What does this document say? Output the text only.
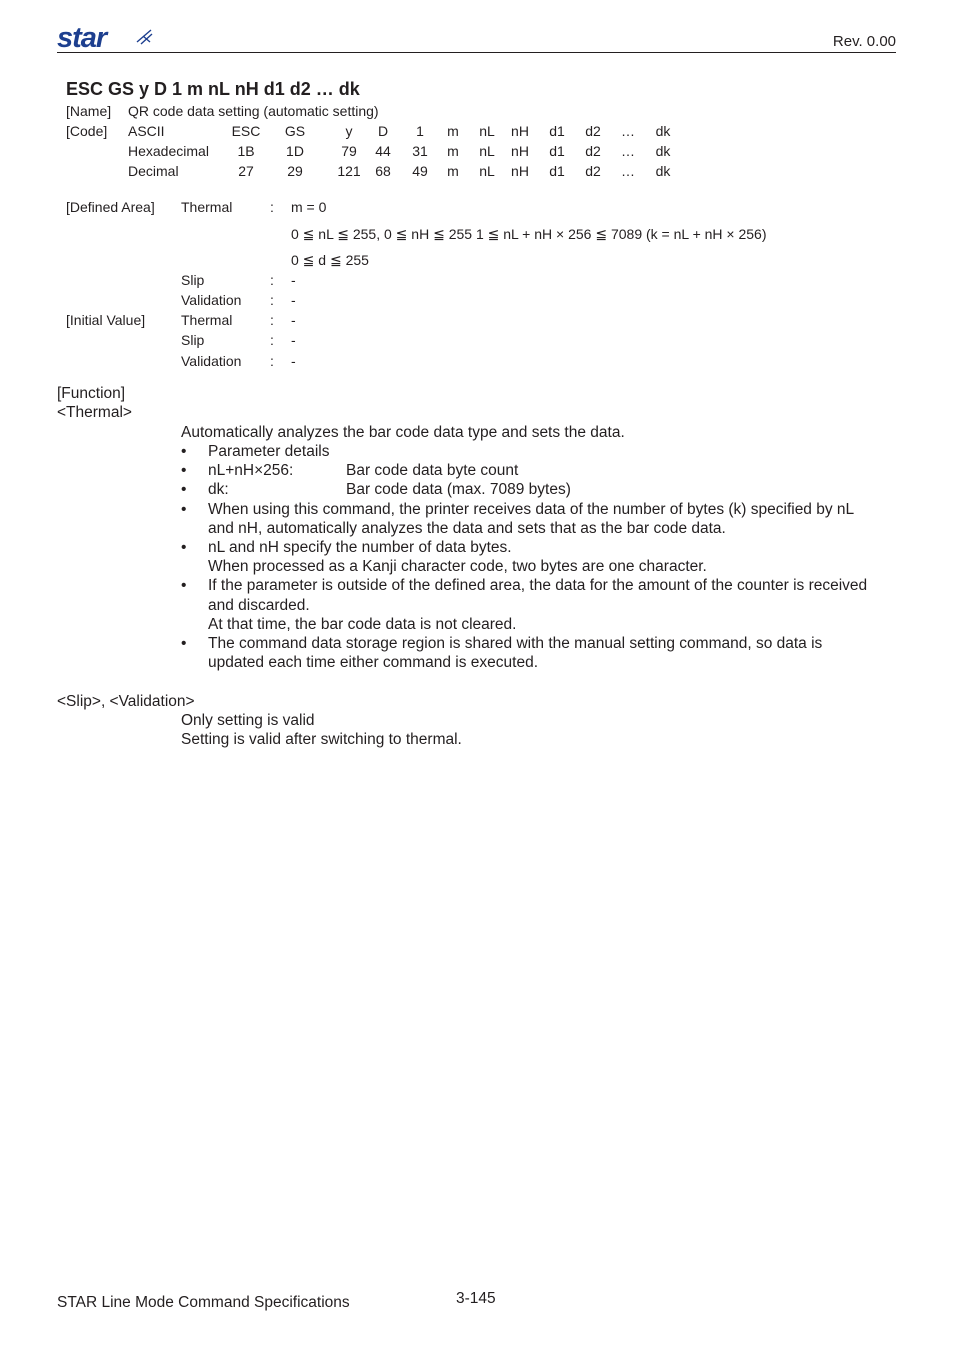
star	Rev. 0.00
ESC GS y D 1 m nL nH d1 d2 … dk
[Name] QR code data setting (automatic setting)
[Code] ASCII	ESC	GS	y	D	1	m	nL	nH	d1	d2	…	dk
Hexadecimal	1B	1D	79	44	31	m	nL	nH	d1	d2	…	dk
Decimal	27	29	121	68	49	m	nL	nH	d1	d2	…	dk
[Defined Area] Thermal	: m = 0
0 ≦ nL ≦ 255, 0 ≦ nH ≦ 255 1 ≦ nL + nH × 256 ≦ 7089 (k = nL + nH × 256)
0 ≦ d ≦ 255
Slip	: -
Validation : -
[Initial Value]	Thermal	: -
Slip	: -
Validation : -
[Function]
<Thermal>
Automatically analyzes the bar code data type and sets the data.
• Parameter details
• nL+nH×256:	Bar code data byte count
• dk:	Bar code data (max. 7089 bytes)
• When using this command, the printer receives data of the number of bytes (k) specified by nL
and nH, automatically analyzes the data and sets that as the bar code data.
• nL and nH specify the number of data bytes.
When processed as a Kanji character code, two bytes are one character.
• If the parameter is outside of the defined area, the data for the amount of the counter is received
and discarded.
At that time, the bar code data is not cleared.
• The command data storage region is shared with the manual setting command, so data is
updated each time either command is executed.
<Slip>, <Validation>
Only setting is valid
Setting is valid after switching to thermal.
STAR Line Mode Command Specifications	3-145
